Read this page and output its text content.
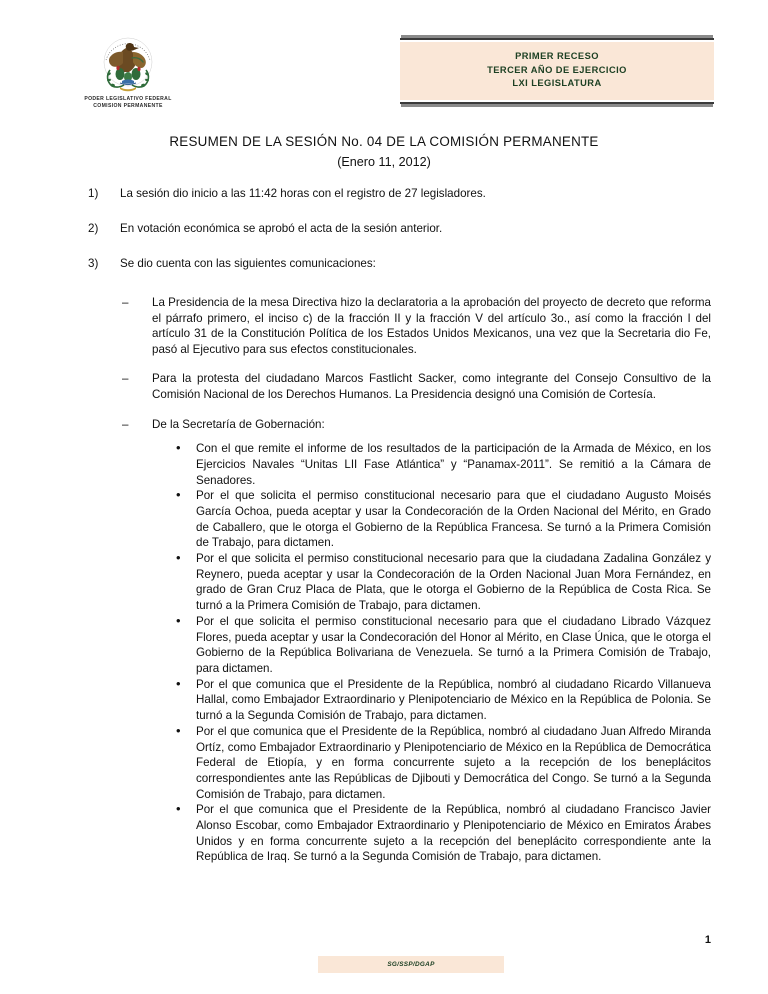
PODER LEGISLATIVO FEDERAL
COMISION PERMANENTE
PRIMER RECESO
TERCER AÑO DE EJERCICIO
LXI LEGISLATURA
RESUMEN DE LA SESIÓN No. 04 DE LA COMISIÓN PERMANENTE
(Enero 11, 2012)
1)	La sesión dio inicio a las 11:42 horas con el registro de 27 legisladores.
2)	En votación económica se aprobó el acta de la sesión anterior.
3)	Se dio cuenta con las siguientes comunicaciones:
– La Presidencia de la mesa Directiva hizo la declaratoria a la aprobación del proyecto de decreto que reforma el párrafo primero, el inciso c) de la fracción II y la fracción V del artículo 3o., así como la fracción I del artículo 31 de la Constitución Política de los Estados Unidos Mexicanos, una vez que la Secretaria dio Fe, pasó al Ejecutivo para sus efectos constitucionales.
– Para la protesta del ciudadano Marcos Fastlicht Sacker, como integrante del Consejo Consultivo de la Comisión Nacional de los Derechos Humanos. La Presidencia designó una Comisión de Cortesía.
– De la Secretaría de Gobernación:
• Con el que remite el informe de los resultados de la participación de la Armada de México, en los Ejercicios Navales “Unitas LII Fase Atlántica” y “Panamax-2011”. Se remitió a la Cámara de Senadores.
• Por el que solicita el permiso constitucional necesario para que el ciudadano Augusto Moisés García Ochoa, pueda aceptar y usar la Condecoración de la Orden Nacional del Mérito, en Grado de Caballero, que le otorga el Gobierno de la República Francesa. Se turnó a la Primera Comisión de Trabajo, para dictamen.
• Por el que solicita el permiso constitucional necesario para que la ciudadana Zadalina González y Reynero, pueda aceptar y usar la Condecoración de la Orden Nacional Juan Mora Fernández, en grado de Gran Cruz Placa de Plata, que le otorga el Gobierno de la República de Costa Rica. Se turnó a la Primera Comisión de Trabajo, para dictamen.
• Por el que solicita el permiso constitucional necesario para que el ciudadano Librado Vázquez Flores, pueda aceptar y usar la Condecoración del Honor al Mérito, en Clase Única, que le otorga el Gobierno de la República Bolivariana de Venezuela. Se turnó a la Primera Comisión de Trabajo, para dictamen.
• Por el que comunica que el Presidente de la República, nombró al ciudadano Ricardo Villanueva Hallal, como Embajador Extraordinario y Plenipotenciario de México en la República de Polonia. Se turnó a la Segunda Comisión de Trabajo, para dictamen.
• Por el que comunica que el Presidente de la República, nombró al ciudadano Juan Alfredo Miranda Ortíz, como Embajador Extraordinario y Plenipotenciario de México en la República de Democrática Federal de Etiopía, y en forma concurrente sujeto a la recepción de los beneplácitos correspondientes ante las Repúblicas de Djibouti y Democrática del Congo. Se turnó a la Segunda Comisión de Trabajo, para dictamen.
• Por el que comunica que el Presidente de la República, nombró al ciudadano Francisco Javier Alonso Escobar, como Embajador Extraordinario y Plenipotenciario de México en Emiratos Árabes Unidos y en forma concurrente sujeto a la recepción del beneplácito correspondiente ante la República de Iraq. Se turnó a la Segunda Comisión de Trabajo, para dictamen.
1
SG/SSP/DGAP
